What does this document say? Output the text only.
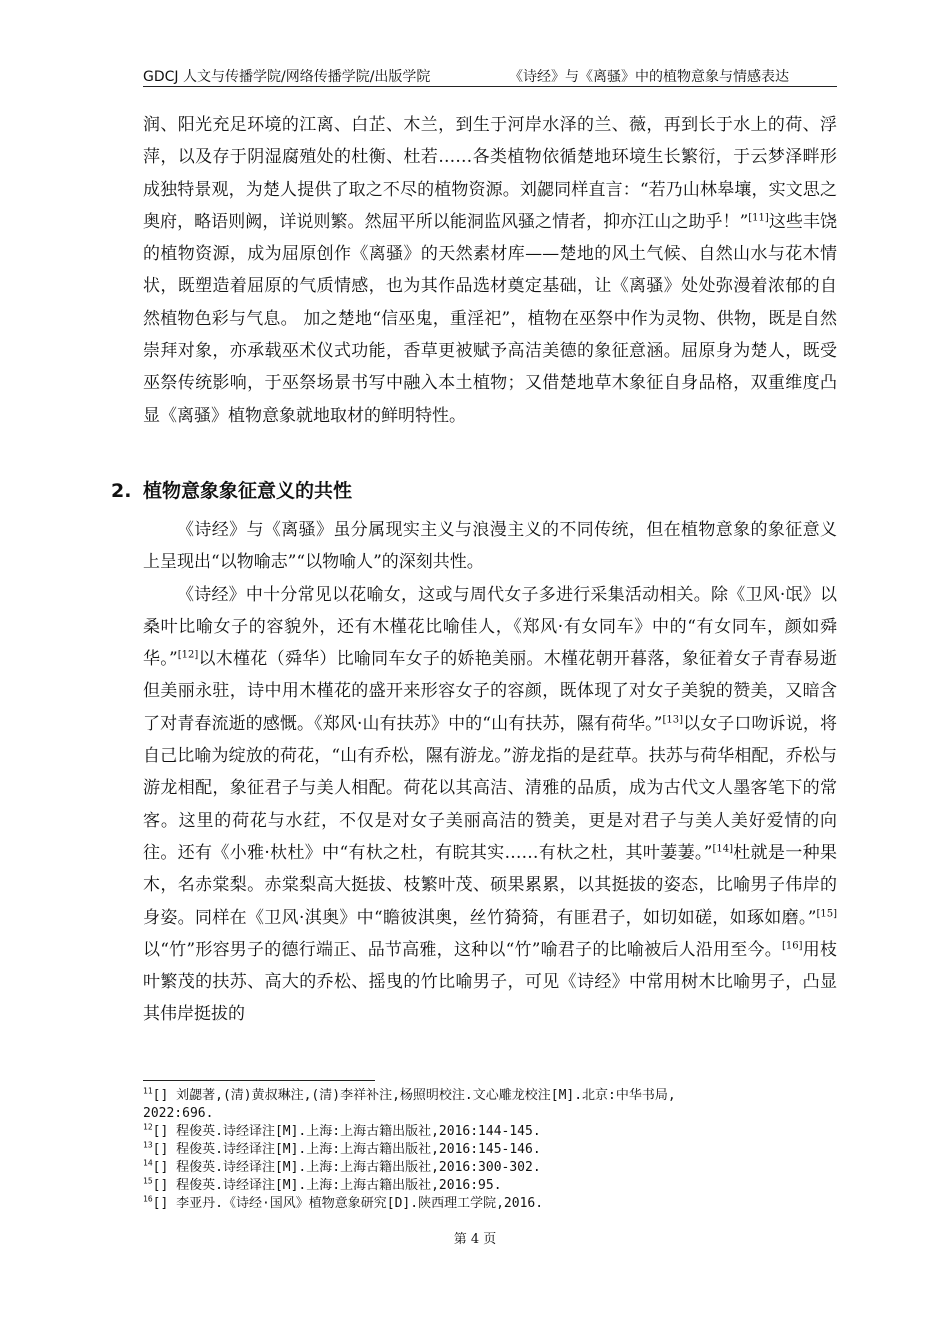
GDCJ 人文与传播学院/网络传播学院/出版学院	《诗经》与《离骚》中的植物意象与情感表达

润、阳光充足环境的江离、白芷、木兰，到生于河岸水泽的兰、薇，再到长于水上的荷、浮萍，以及存于阴湿腐殖处的杜衡、杜若……各类植物依循楚地环境生长繁衍，于云梦泽畔形成独特景观，为楚人提供了取之不尽的植物资源。刘勰同样直言：“若乃山林皋壤，实文思之奥府，略语则阙，详说则繁。然屈平所以能洞监风骚之情者，抑亦江山之助乎！”[11]这些丰饶的植物资源，成为屈原创作《离骚》的天然素材库——楚地的风土气候、自然山水与花木情状，既塑造着屈原的气质情感，也为其作品选材奠定基础，让《离骚》处处弥漫着浓郁的自然植物色彩与气息。 加之楚地“信巫鬼，重淫祀”，植物在巫祭中作为灵物、供物，既是自然崇拜对象，亦承载巫术仪式功能，香草更被赋予高洁美德的象征意涵。屈原身为楚人，既受巫祭传统影响，于巫祭场景书写中融入本土植物；又借楚地草木象征自身品格，双重维度凸显《离骚》植物意象就地取材的鲜明特性。

2. 植物意象象征意义的共性

《诗经》与《离骚》虽分属现实主义与浪漫主义的不同传统，但在植物意象的象征意义上呈现出“以物喻志”“以物喻人”的深刻共性。

《诗经》中十分常见以花喻女，这或与周代女子多进行采集活动相关。除《卫风·氓》以桑叶比喻女子的容貌外，还有木槿花比喻佳人，《郑风·有女同车》中的“有女同车，颜如舜华。”[12]以木槿花（舜华）比喻同车女子的娇艳美丽。木槿花朝开暮落，象征着女子青春易逝但美丽永驻，诗中用木槿花的盛开来形容女子的容颜，既体现了对女子美貌的赞美，又暗含了对青春流逝的感慨。《郑风·山有扶苏》中的“山有扶苏，隰有荷华。”[13]以女子口吻诉说，将自己比喻为绽放的荷花，“山有乔松，隰有游龙。”游龙指的是荭草。扶苏与荷华相配，乔松与游龙相配，象征君子与美人相配。荷花以其高洁、清雅的品质，成为古代文人墨客笔下的常客。这里的荷花与水荭，不仅是对女子美丽高洁的赞美，更是对君子与美人美好爱情的向往。还有《小雅·杕杜》中“有杕之杜，有睆其实……有杕之杜，其叶萋萋。”[14]杜就是一种果木，名赤棠梨。赤棠梨高大挺拔、枝繁叶茂、硕果累累，以其挺拔的姿态，比喻男子伟岸的身姿。同样在《卫风·淇奥》中“瞻彼淇奥，丝竹猗猗，有匪君子，如切如磋，如琢如磨。”[15]以“竹”形容男子的德行端正、品节高雅，这种以“竹”喻君子的比喻被后人沿用至今。[16]用枝叶繁茂的扶苏、高大的乔松、摇曳的竹比喻男子，可见《诗经》中常用树木比喻男子，凸显其伟岸挺拔的

$^{11}$[] 刘勰著,(清)黄叔琳注,(清)李祥补注,杨照明校注.文心雕龙校注[M].北京:中华书局,
2022:696.

$^{12}$[] 程俊英.诗经译注[M].上海:上海古籍出版社,2016:144-145.

$^{13}$[] 程俊英.诗经译注[M].上海:上海古籍出版社,2016:145-146.

$^{14}$[] 程俊英.诗经译注[M].上海:上海古籍出版社,2016:300-302.

$^{15}$[] 程俊英.诗经译注[M].上海:上海古籍出版社,2016:95.

$^{16}$[] 李亚丹.《诗经·国风》植物意象研究[D].陕西理工学院,2016.

第 4 页
